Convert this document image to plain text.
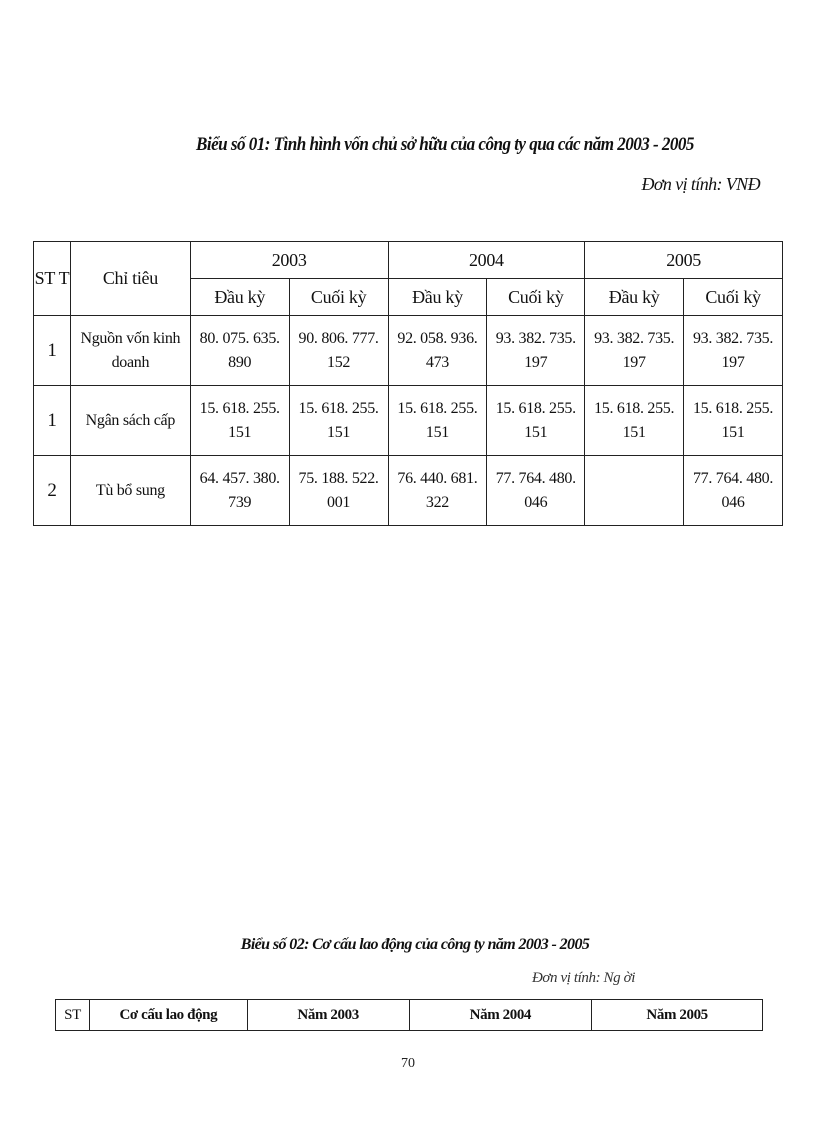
Biểu số 01: Tình hình vốn chủ sở hữu của công ty qua các năm 2003 - 2005
Đơn vị tính: VNĐ
ST T	Chỉ tiêu	2003		2004		2005	
		Đầu kỳ	Cuối kỳ	Đầu kỳ	Cuối kỳ	Đầu kỳ	Cuối kỳ
1	Nguồn vốn kinh doanh	80. 075. 635. 890	90. 806. 777. 152	92. 058. 936. 473	93. 382. 735. 197	93. 382. 735. 197	93. 382. 735. 197
1	Ngân sách cấp	15. 618. 255. 151	15. 618. 255. 151	15. 618. 255. 151	15. 618. 255. 151	15. 618. 255. 151	15. 618. 255. 151
2	Tù bổ sung	64. 457. 380. 739	75. 188. 522. 001	76. 440. 681. 322	77. 764. 480. 046		77. 764. 480. 046
Biểu số 02: Cơ cấu lao động của công ty năm 2003 - 2005
Đơn vị tính: Ng ời
ST	Cơ cấu lao động	Năm 2003	Năm 2004	Năm 2005
70
